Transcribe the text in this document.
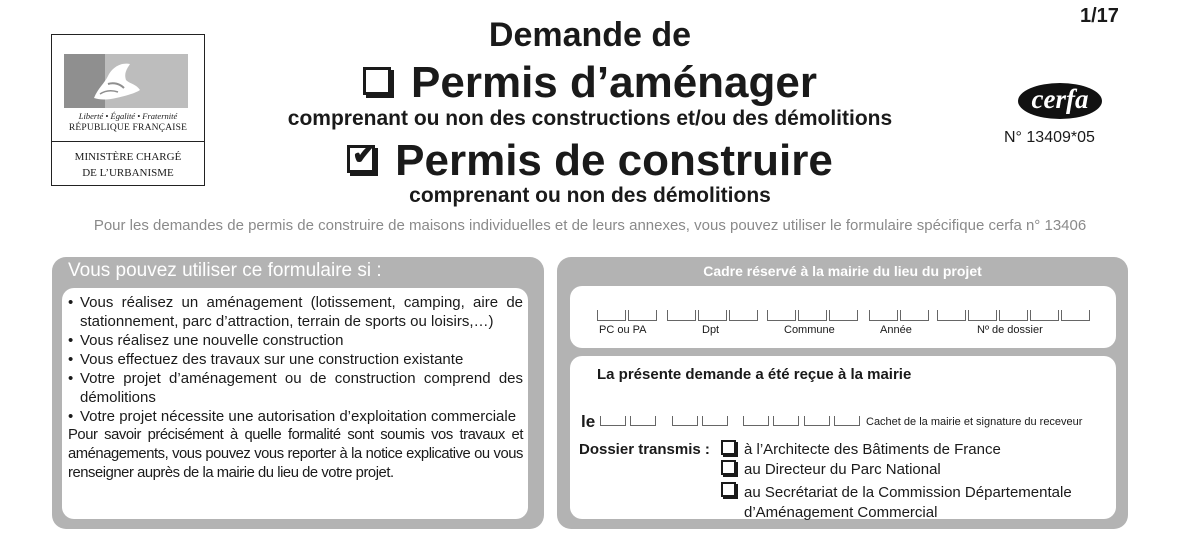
1/17
Liberté • Égalité • Fraternité
RÉPUBLIQUE FRANÇAISE
MINISTÈRE CHARGÉ
DE L’URBANISME
Demande de
Permis d’aménager
comprenant ou non des constructions et/ou des démolitions
✔ Permis de construire
comprenant ou non des démolitions
cerfa
N° 13409*05
Pour les demandes de permis de construire de maisons individuelles et de leurs annexes, vous pouvez utiliser le formulaire spécifique cerfa n° 13406
Vous pouvez utiliser ce formulaire si :
• Vous réalisez un aménagement (lotissement, camping, aire de stationnement, parc d’attraction, terrain de sports ou loisirs,…)
• Vous réalisez une nouvelle construction
• Vous effectuez des travaux sur une construction existante
• Votre projet d’aménagement ou de construction comprend des démolitions
• Votre projet nécessite une autorisation d’exploitation commerciale
Pour savoir précisément à quelle formalité sont soumis vos travaux et aménagements, vous pouvez vous reporter à la notice explicative ou vous renseigner auprès de la mairie du lieu de votre projet.
Cadre réservé à la mairie du lieu du projet
PC ou PA	Dpt	Commune	Année	Nº de dossier
La présente demande a été reçue à la mairie
le	Cachet de la mairie et signature du receveur
Dossier transmis : à l’Architecte des Bâtiments de France
au Directeur du Parc National
au Secrétariat de la Commission Départementale d’Aménagement Commercial
